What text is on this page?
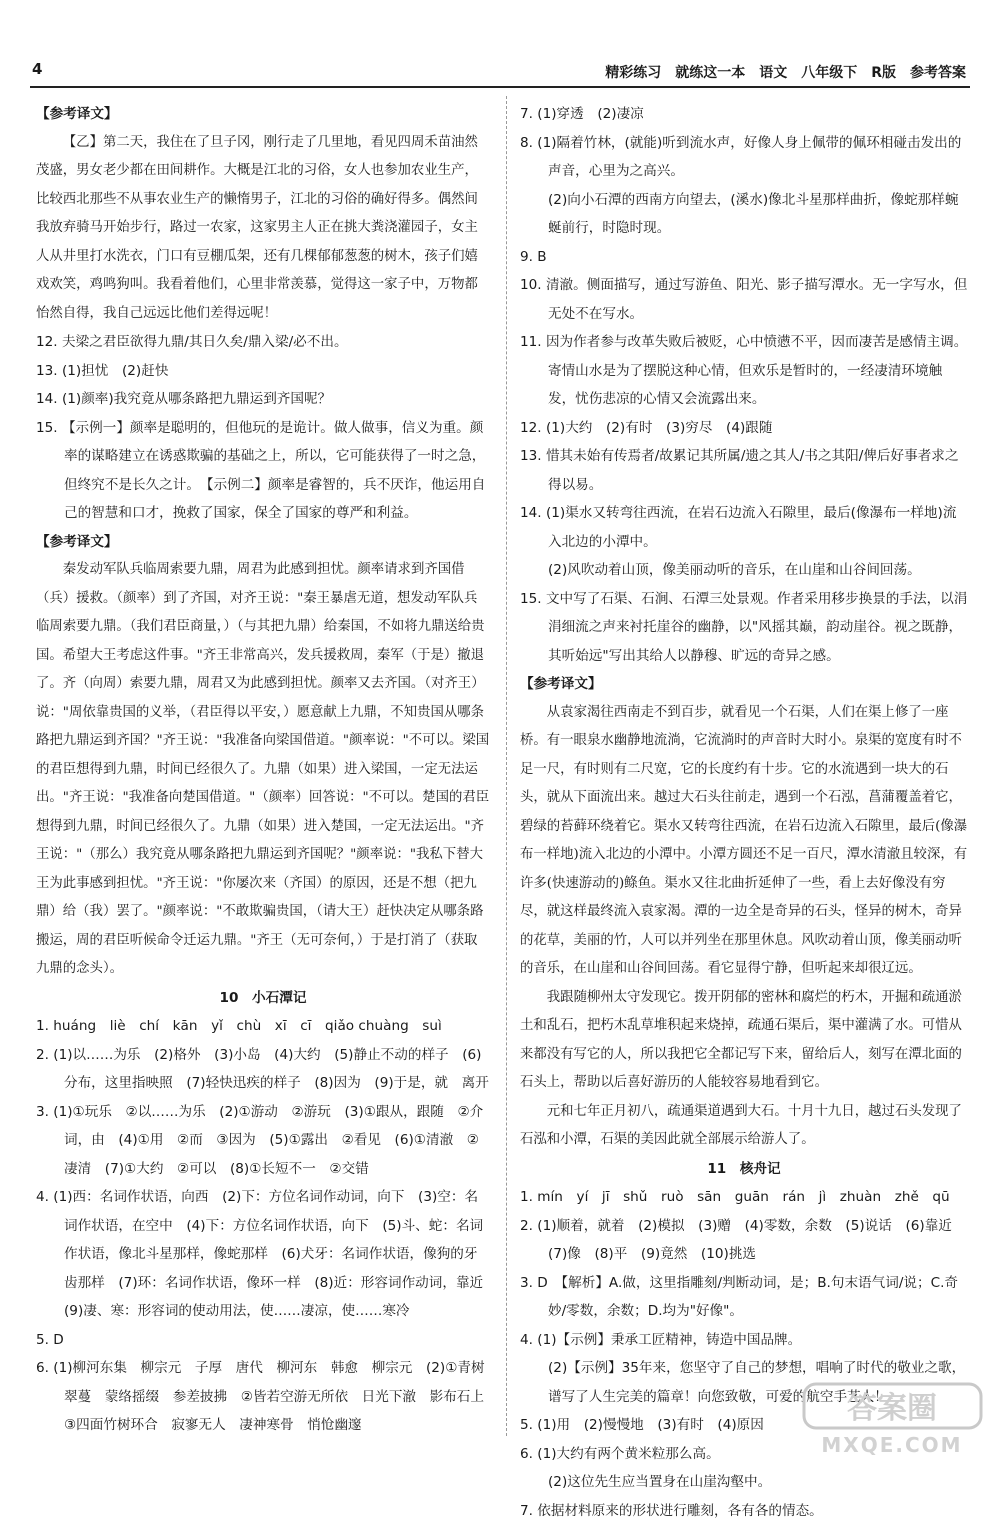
4	精彩练习　就练这一本　语文　八年级下　R版　参考答案

【参考译文】

【乙】第二天，我住在了旦子冈，刚行走了几里地，看见四周禾苗油然茂盛，男女老少都在田间耕作。大概是江北的习俗，女人也参加农业生产，比较西北那些不从事农业生产的懒惰男子，江北的习俗的确好得多。偶然间我放弃骑马开始步行，路过一农家，这家男主人正在挑大粪浇灌园子，女主人从井里打水洗衣，门口有豆棚瓜架，还有几棵郁郁葱葱的树木，孩子们嬉戏欢笑，鸡鸣狗叫。我看着他们，心里非常羡慕，觉得这一家子中，万物都怡然自得，我自己远远比他们差得远呢！

12. 夫梁之君臣欲得九鼎/其日久矣/鼎入梁/必不出。

13. (1)担忧　(2)赶快

14. (1)颜率)我究竟从哪条路把九鼎运到齐国呢？

15. 【示例一】颜率是聪明的，但他玩的是诡计。做人做事，信义为重。颜率的谋略建立在诱惑欺骗的基础之上，所以，它可能获得了一时之急，但终究不是长久之计。　【示例二】颜率是睿智的，兵不厌诈，他运用自己的智慧和口才，挽救了国家，保全了国家的尊严和利益。

【参考译文】

秦发动军队兵临周索要九鼎，周君为此感到担忧。颜率请求到齐国借（兵）援救。（颜率）到了齐国，对齐王说："秦王暴虐无道，想发动军队兵临周索要九鼎。（我们君臣商量，）（与其把九鼎）给秦国，不如将九鼎送给贵国。希望大王考虑这件事。"齐王非常高兴，发兵援救周，秦军（于是）撤退了。齐（向周）索要九鼎，周君又为此感到担忧。颜率又去齐国。（对齐王）说："周依靠贵国的义举，（君臣得以平安，）愿意献上九鼎，不知贵国从哪条路把九鼎运到齐国？"齐王说："我准备向梁国借道。"颜率说："不可以。梁国的君臣想得到九鼎，时间已经很久了。九鼎（如果）进入梁国，一定无法运出。"齐王说："我准备向楚国借道。"（颜率）回答说："不可以。楚国的君臣想得到九鼎，时间已经很久了。九鼎（如果）进入楚国，一定无法运出。"齐王说："（那么）我究竟从哪条路把九鼎运到齐国呢？"颜率说："我私下替大王为此事感到担忧。"齐王说："你屡次来（齐国）的原因，还是不想（把九鼎）给（我）罢了。"颜率说："不敢欺骗贵国，（请大王）赶快决定从哪条路搬运，周的君臣听候命令迁运九鼎。"齐王（无可奈何，）于是打消了（获取九鼎的念头）。

10　小石潭记

1. huáng　liè　chí　kān　yǐ　chù　xī　cī　qiǎo chuàng　suì

2. (1)以……为乐　(2)格外　(3)小岛　(4)大约　(5)静止不动的样子　(6)分布，这里指映照　(7)轻快迅疾的样子　(8)因为　(9)于是，就　离开

3. (1)①玩乐　②以……为乐　(2)①游动　②游玩　(3)①跟从，跟随　②介词，由　(4)①用　②而　③因为　(5)①露出　②看见　(6)①清澈　②凄清　(7)①大约　②可以　(8)①长短不一　②交错

4. (1)西：名词作状语，向西　(2)下：方位名词作动词，向下　(3)空：名词作状语，在空中　(4)下：方位名词作状语，向下　(5)斗、蛇：名词作状语，像北斗星那样，像蛇那样　(6)犬牙：名词作状语，像狗的牙齿那样　(7)环：名词作状语，像环一样　(8)近：形容词作动词，靠近　(9)凄、寒：形容词的使动用法，使……凄凉，使……寒冷

5. D

6. (1)柳河东集　柳宗元　子厚　唐代　柳河东　韩愈　柳宗元　(2)①青树翠蔓　蒙络摇缀　参差披拂　②皆若空游无所依　日光下澈　影布石上　③四面竹树环合　寂寥无人　凄神寒骨　悄怆幽邃

7. (1)穿透　(2)凄凉

8. (1)隔着竹林，(就能)听到流水声，好像人身上佩带的佩环相碰击发出的声音，心里为之高兴。

(2)向小石潭的西南方向望去，(溪水)像北斗星那样曲折，像蛇那样蜿蜒前行，时隐时现。

9. B

10. 清澈。侧面描写，通过写游鱼、阳光、影子描写潭水。无一字写水，但无处不在写水。

11. 因为作者参与改革失败后被贬，心中愤懑不平，因而凄苦是感情主调。寄情山水是为了摆脱这种心情，但欢乐是暂时的，一经凄清环境触发，忧伤悲凉的心情又会流露出来。

12. (1)大约　(2)有时　(3)穷尽　(4)跟随

13. 惜其未始有传焉者/故累记其所属/遗之其人/书之其阳/俾后好事者求之得以易。

14. (1)渠水又转弯往西流，在岩石边流入石隙里，最后(像瀑布一样地)流入北边的小潭中。

(2)风吹动着山顶，像美丽动听的音乐，在山崖和山谷间回荡。

15. 文中写了石渠、石涧、石潭三处景观。作者采用移步换景的手法，以涓涓细流之声来衬托崖谷的幽静，以"风摇其巅，韵动崖谷。视之既静，其听始远"写出其给人以静穆、旷远的奇异之感。

【参考译文】

从袁家渴往西南走不到百步，就看见一个石渠，人们在渠上修了一座桥。有一眼泉水幽静地流淌，它流淌时的声音时大时小。泉渠的宽度有时不足一尺，有时则有二尺宽，它的长度约有十步。它的水流遇到一块大的石头，就从下面流出来。越过大石头往前走，遇到一个石泓，菖蒲覆盖着它，碧绿的苔藓环绕着它。渠水又转弯往西流，在岩石边流入石隙里，最后(像瀑布一样地)流入北边的小潭中。小潭方圆还不足一百尺，潭水清澈且较深，有许多(快速游动的)鲦鱼。渠水又往北曲折延伸了一些，看上去好像没有穷尽，就这样最终流入袁家渴。潭的一边全是奇异的石头，怪异的树木，奇异的花草，美丽的竹，人可以并列坐在那里休息。风吹动着山顶，像美丽动听的音乐，在山崖和山谷间回荡。看它显得宁静，但听起来却很辽远。

我跟随柳州太守发现它。拨开阴郁的密林和腐烂的朽木，开掘和疏通淤土和乱石，把朽木乱草堆积起来烧掉，疏通石渠后，渠中灌满了水。可惜从来都没有写它的人，所以我把它全都记写下来，留给后人，刻写在潭北面的石头上，帮助以后喜好游历的人能较容易地看到它。

元和七年正月初八，疏通渠道遇到大石。十月十九日，越过石头发现了石泓和小潭，石渠的美因此就全部展示给游人了。

11　核舟记

1. mín　yí　jī　shǔ　ruò　sān　guān　rán　jì　zhuàn　zhě　qū

2. (1)顺着，就着　(2)模拟　(3)赠　(4)零数，余数　(5)说话　(6)靠近　(7)像　(8)平　(9)竟然　(10)挑选

3. D　【解析】A.做，这里指雕刻/判断动词，是；B.句末语气词/说；C.奇妙/零数，余数；D.均为"好像"。

4. (1)【示例】秉承工匠精神，铸造中国品牌。

(2)【示例】35年来，您坚守了自己的梦想，唱响了时代的敬业之歌，谱写了人生完美的篇章！向您致敬，可爱的航空手艺人！

5. (1)用　(2)慢慢地　(3)有时　(4)原因

6. (1)大约有两个黄米粒那么高。

(2)这位先生应当置身在山崖沟壑中。

7. 依据材料原来的形状进行雕刻，各有各的情态。

答案圈
MXQE.COM
